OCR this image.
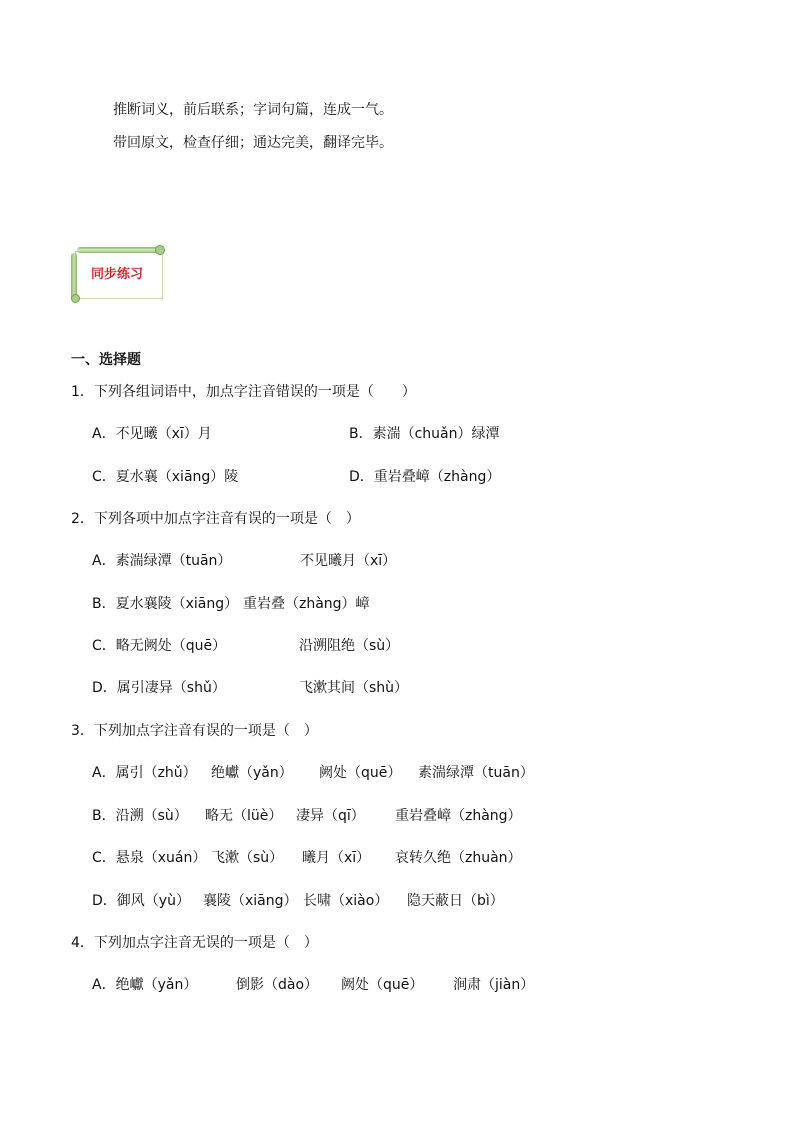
推断词义，前后联系；字词句篇，连成一气。
带回原文，检查仔细；通达完美，翻译完毕。
同步练习
一、选择题
1．下列各组词语中，加点字注音错误的一项是（　　）
A．不见曦（xī）月	B．素湍（chuǎn）绿潭
C．夏水襄（xiāng）陵	D．重岩叠嶂（zhàng）
2．下列各项中加点字注音有误的一项是（　）
A．素湍绿潭（tuān）	不见曦月（xī）
B．夏水襄陵（xiāng） 重岩叠（zhàng）嶂
C．略无阙处（quē）	沿溯阻绝（sù）
D．属引凄异（shǔ）	飞漱其间（shù）
3．下列加点字注音有误的一项是（　）
A．属引（zhǔ） 绝巘（yǎn） 阙处（quē） 素湍绿潭（tuān）
B．沿溯（sù） 略无（lüè） 凄异（qī） 重岩叠嶂（zhàng）
C．悬泉（xuán） 飞漱（sù） 曦月（xī） 哀转久绝（zhuàn）
D．御风（yù） 襄陵（xiāng） 长啸（xiào） 隐天蔽日（bì）
4．下列加点字注音无误的一项是（　）
A．绝巘（yǎn）	倒影（dào） 阙处（quē） 涧肃（jiàn）
